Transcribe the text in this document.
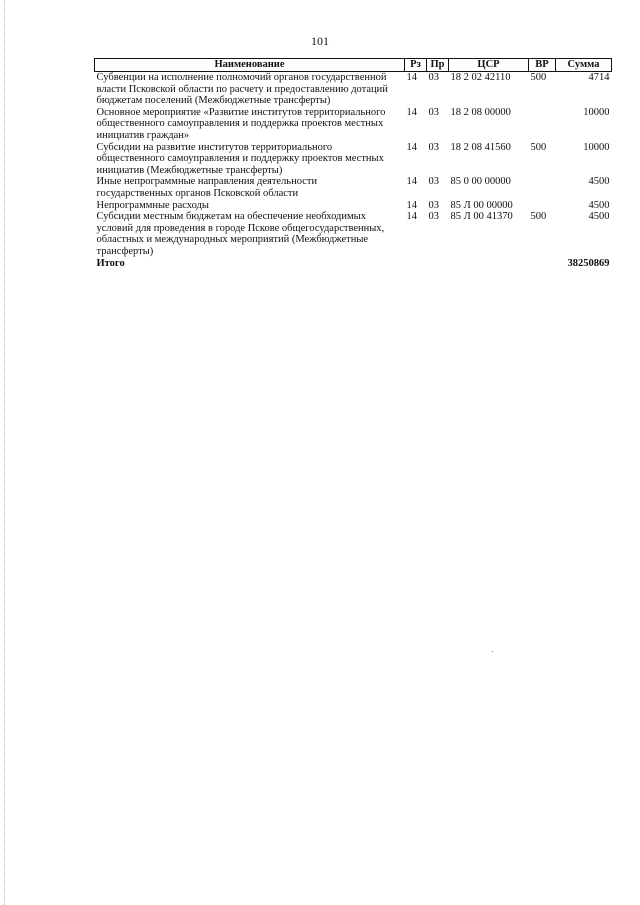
101
Наименование	Рз	Пр	ЦСР	ВР	Сумма
Субвенции на исполнение полномочий органов государственной власти Псковской области по расчету и предоставлению дотаций бюджетам поселений (Межбюджетные трансферты)	14	03	18 2 02 42110	500	4714
Основное мероприятие «Развитие институтов территориального общественного самоуправления и поддержка проектов местных инициатив граждан»	14	03	18 2 08 00000		10000
Субсидии на развитие институтов территориального общественного самоуправления и поддержку проектов местных инициатив (Межбюджетные трансферты)	14	03	18 2 08 41560	500	10000
Иные непрограммные направления деятельности государственных органов Псковской области	14	03	85 0 00 00000		4500
Непрограммные расходы	14	03	85 Л 00 00000		4500
Субсидии местным бюджетам на обеспечение необходимых условий для проведения в городе Пскове общегосударственных, областных и международных мероприятий (Межбюджетные трансферты)	14	03	85 Л 00 41370	500	4500
Итого					38250869
